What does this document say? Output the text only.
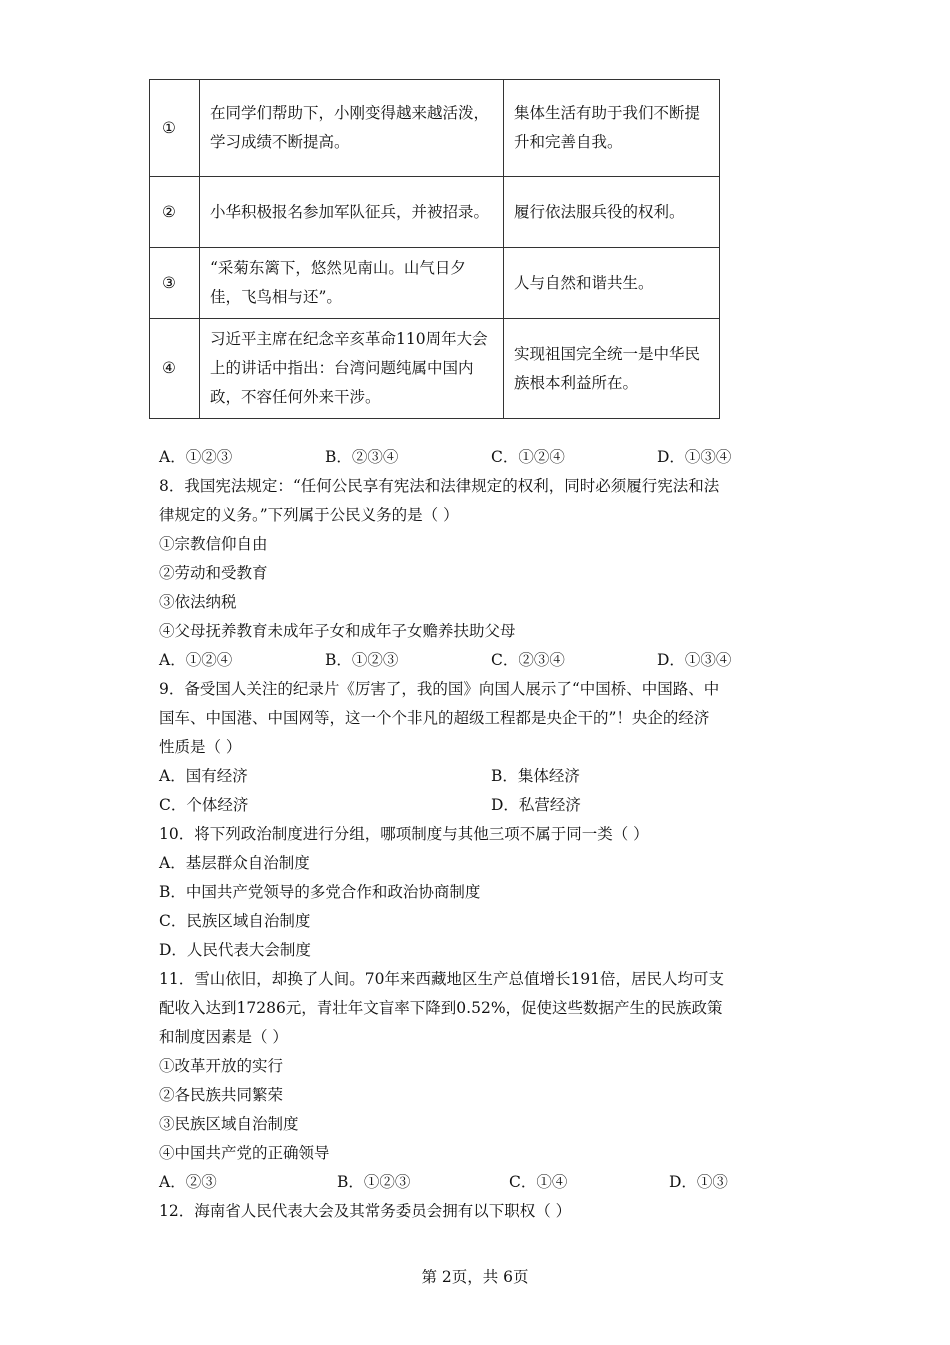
①	在同学们帮助下，小刚变得越来越活泼，学习成绩不断提高。	集体生活有助于我们不断提升和完善自我。
②	小华积极报名参加军队征兵，并被招录。	履行依法服兵役的权利。
③	“采菊东篱下，悠然见南山。山气日夕佳，飞鸟相与还”。	人与自然和谐共生。
④	习近平主席在纪念辛亥革命110周年大会上的讲话中指出：台湾问题纯属中国内政，不容任何外来干涉。	实现祖国完全统一是中华民族根本利益所在。
A．①②③	B．②③④	C．①②④	D．①③④
8．我国宪法规定：“任何公民享有宪法和法律规定的权利，同时必须履行宪法和法
律规定的义务。”下列属于公民义务的是（ ）
①宗教信仰自由
②劳动和受教育
③依法纳税
④父母抚养教育未成年子女和成年子女赡养扶助父母
A．①②④	B．①②③	C．②③④	D．①③④
9．备受国人关注的纪录片《厉害了，我的国》向国人展示了“中国桥、中国路、中
国车、中国港、中国网等，这一个个非凡的超级工程都是央企干的”！央企的经济
性质是（ ）
A．国有经济	B．集体经济
C．个体经济	D．私营经济
10．将下列政治制度进行分组，哪项制度与其他三项不属于同一类（ ）
A．基层群众自治制度
B．中国共产党领导的多党合作和政治协商制度
C．民族区域自治制度
D．人民代表大会制度
11．雪山依旧，却换了人间。70年来西藏地区生产总值增长191倍，居民人均可支
配收入达到17286元，青壮年文盲率下降到0.52%，促使这些数据产生的民族政策
和制度因素是（ ）
①改革开放的实行
②各民族共同繁荣
③民族区域自治制度
④中国共产党的正确领导
A．②③	B．①②③	C．①④	D．①③
12．海南省人民代表大会及其常务委员会拥有以下职权（ ）
第 2页，共 6页
